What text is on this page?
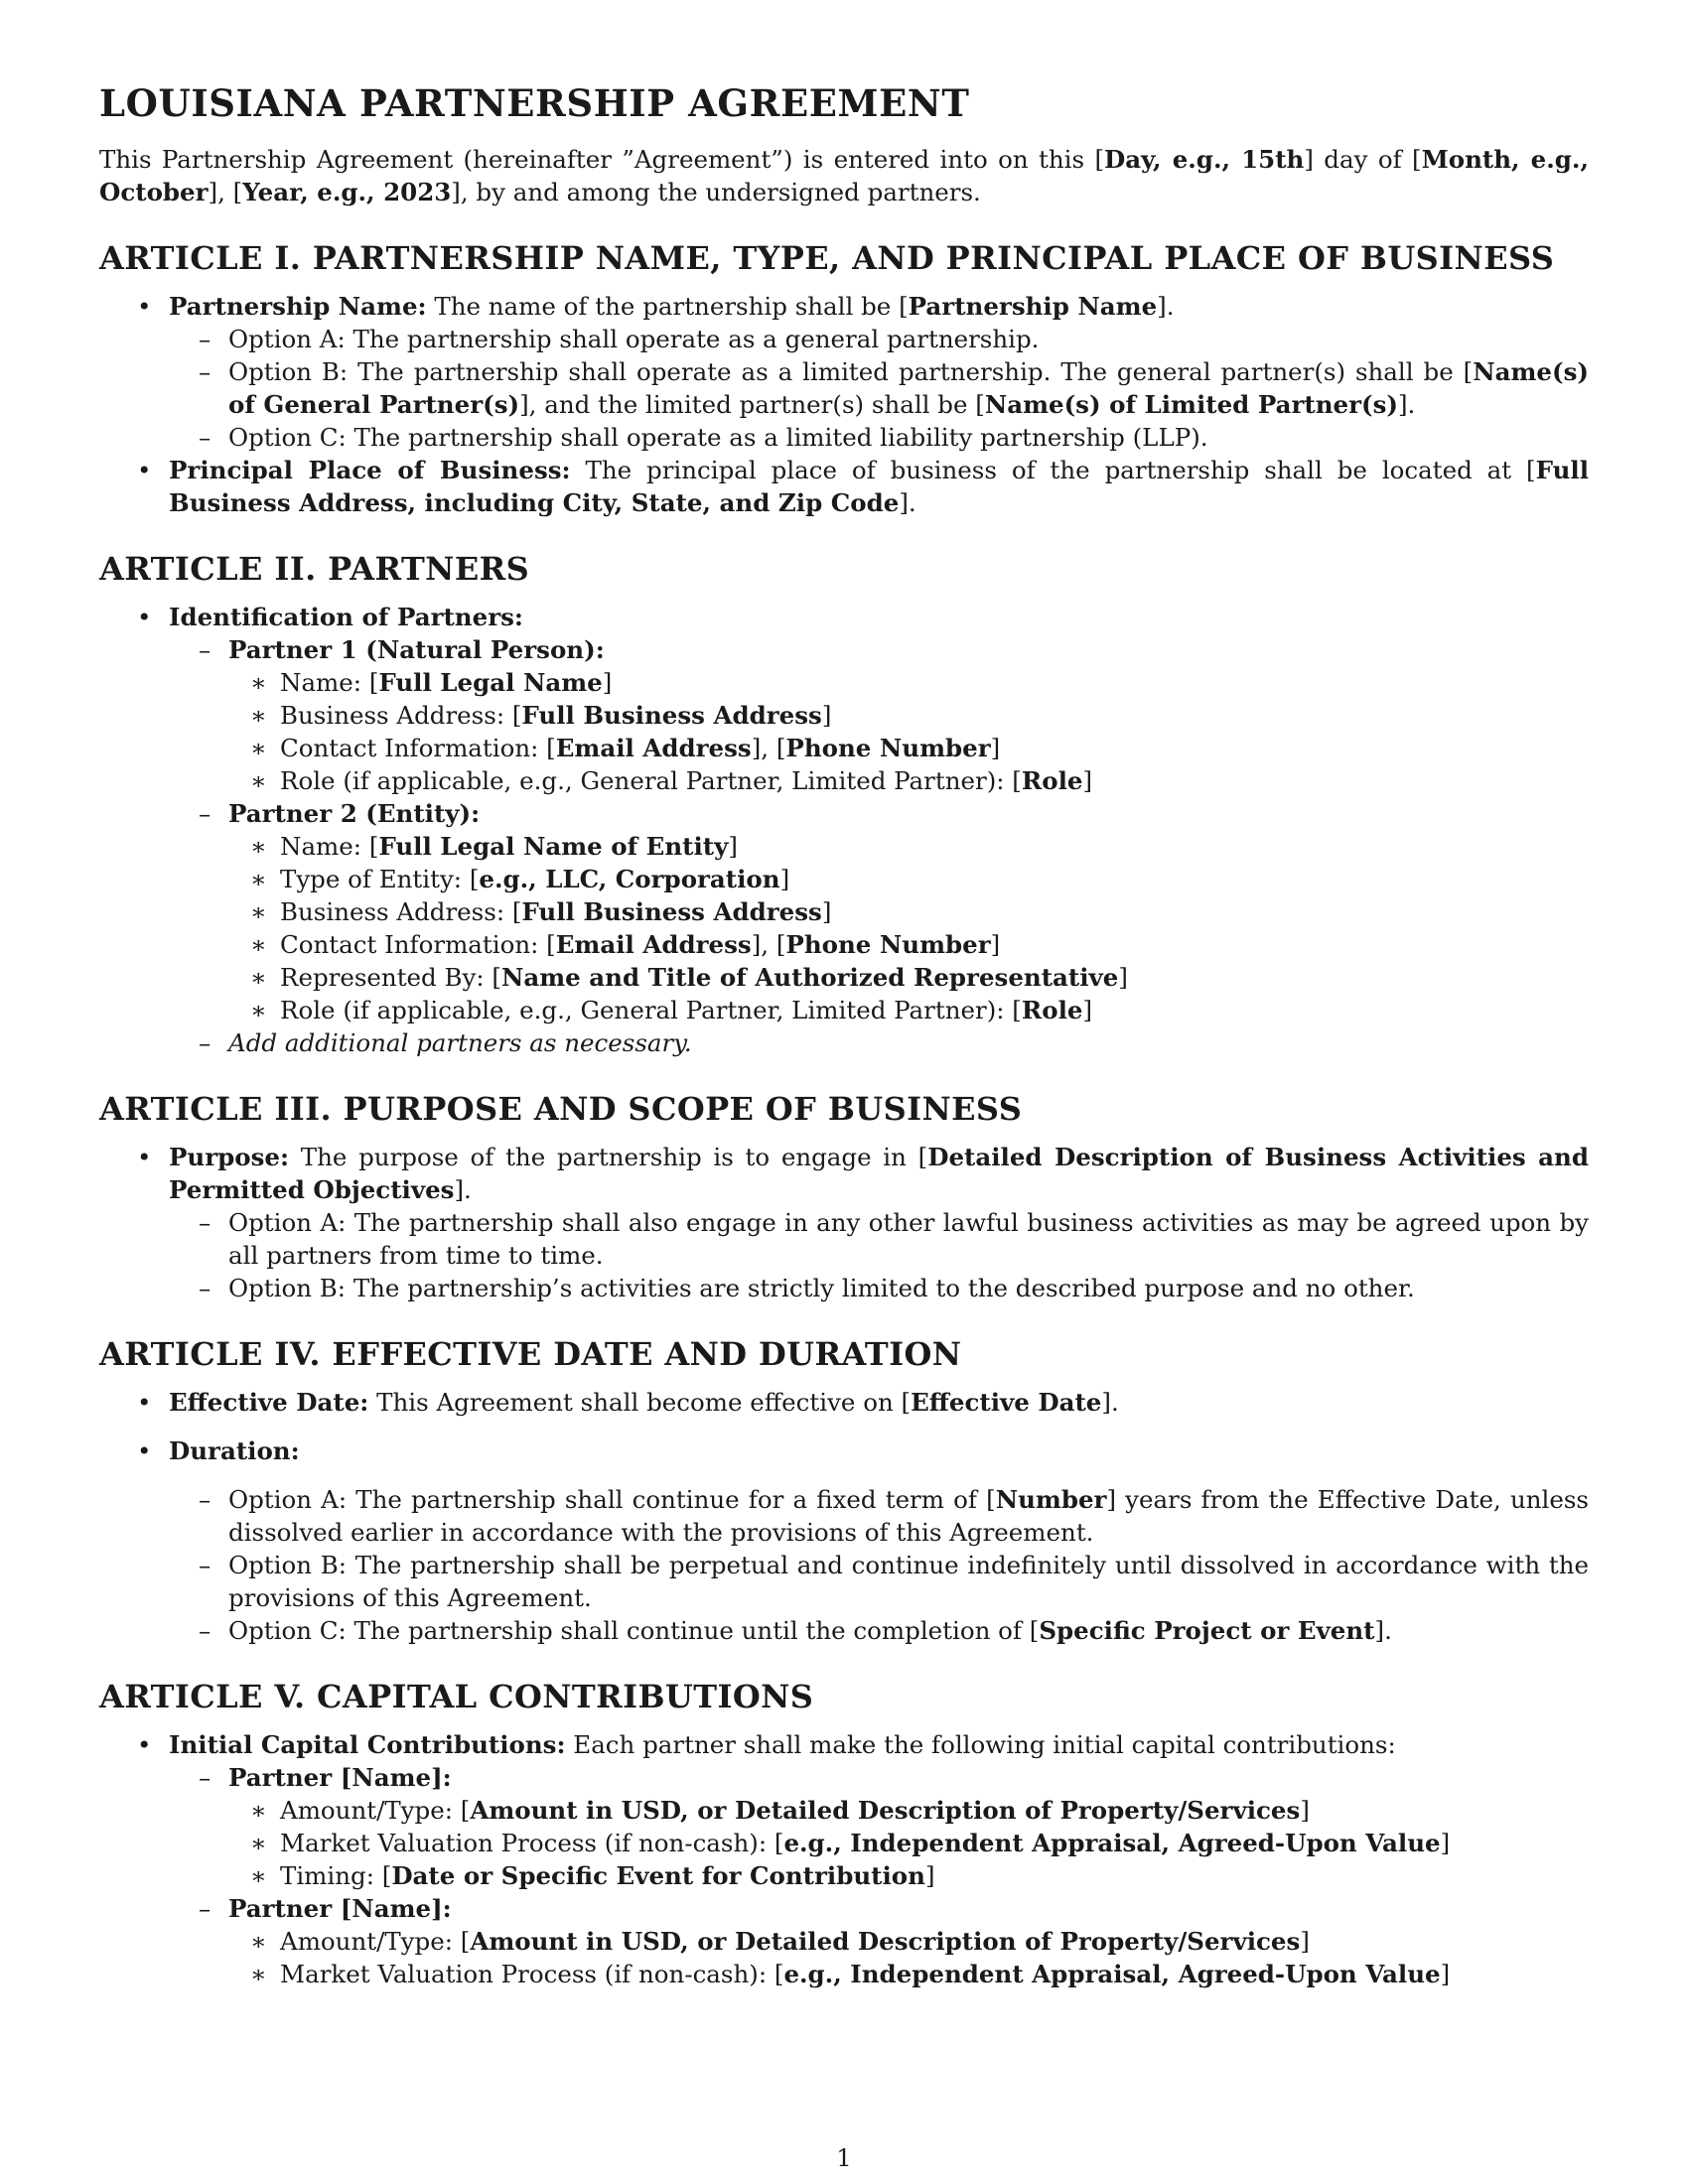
LOUISIANA PARTNERSHIP AGREEMENT

This Partnership Agreement (hereinafter ”Agreement”) is entered into on this [Day, e.g., 15th] day of [Month, e.g., October], [Year, e.g., 2023], by and among the undersigned partners.

ARTICLE I. PARTNERSHIP NAME, TYPE, AND PRINCIPAL PLACE OF BUSINESS
• Partnership Name: The name of the partnership shall be [Partnership Name].
– Option A: The partnership shall operate as a general partnership.
– Option B: The partnership shall operate as a limited partnership. The general partner(s) shall be [Name(s) of General Partner(s)], and the limited partner(s) shall be [Name(s) of Limited Partner(s)].
– Option C: The partnership shall operate as a limited liability partnership (LLP).
• Principal Place of Business: The principal place of business of the partnership shall be located at [Full Business Address, including City, State, and Zip Code].
ARTICLE II. PARTNERS
• Identification of Partners:
– Partner 1 (Natural Person):
∗ Name: [Full Legal Name]
∗ Business Address: [Full Business Address]
∗ Contact Information: [Email Address], [Phone Number]
∗ Role (if applicable, e.g., General Partner, Limited Partner): [Role]
– Partner 2 (Entity):
∗ Name: [Full Legal Name of Entity]
∗ Type of Entity: [e.g., LLC, Corporation]
∗ Business Address: [Full Business Address]
∗ Contact Information: [Email Address], [Phone Number]
∗ Represented By: [Name and Title of Authorized Representative]
∗ Role (if applicable, e.g., General Partner, Limited Partner): [Role]
– Add additional partners as necessary.
ARTICLE III. PURPOSE AND SCOPE OF BUSINESS
• Purpose: The purpose of the partnership is to engage in [Detailed Description of Business Activities and Permitted Objectives].
– Option A: The partnership shall also engage in any other lawful business activities as may be agreed upon by all partners from time to time.
– Option B: The partnership’s activities are strictly limited to the described purpose and no other.
ARTICLE IV. EFFECTIVE DATE AND DURATION
• Effective Date: This Agreement shall become effective on [Effective Date].
• Duration:
– Option A: The partnership shall continue for a fixed term of [Number] years from the Effective Date, unless dissolved earlier in accordance with the provisions of this Agreement.
– Option B: The partnership shall be perpetual and continue indefinitely until dissolved in accordance with the provisions of this Agreement.
– Option C: The partnership shall continue until the completion of [Specific Project or Event].
ARTICLE V. CAPITAL CONTRIBUTIONS
• Initial Capital Contributions: Each partner shall make the following initial capital contributions:
– Partner [Name]:
∗ Amount/Type: [Amount in USD, or Detailed Description of Property/Services]
∗ Market Valuation Process (if non-cash): [e.g., Independent Appraisal, Agreed-Upon Value]
∗ Timing: [Date or Specific Event for Contribution]
– Partner [Name]:
∗ Amount/Type: [Amount in USD, or Detailed Description of Property/Services]
∗ Market Valuation Process (if non-cash): [e.g., Independent Appraisal, Agreed-Upon Value]
1
